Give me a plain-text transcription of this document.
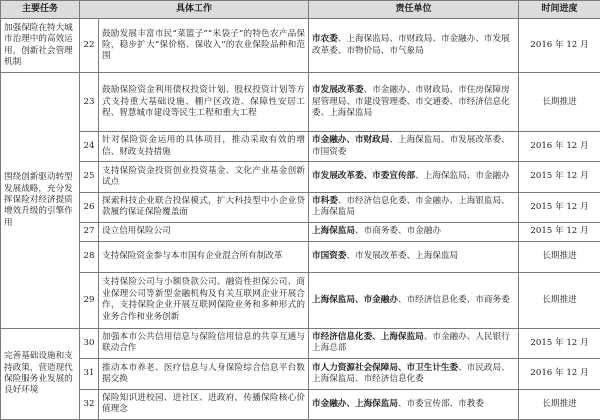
主要任务	具体工作		责任单位	时间进度
加强保险在特大城市治理中的高效运用，创新社会管理机制	22	鼓励发展丰富市民“菜篮子”“米袋子”的特色农产品保险，稳步扩大“保价格、保收入”的农业保险品种和范围	市农委、上海保监局、市财政局、市金融办、市发展改革委、市物价局、市气象局	2016 年 12 月
围绕创新驱动转型发展战略，充分发挥保险对经济提质增效升级的引擎作用	23	鼓励保险资金利用债权投资计划、股权投资计划等方式支持重大基础设施、棚户区改造、保障性安居工程、智慧城市建设等民生工程和重大工程	市发展改革委、市金融办、市财政局、市住房保障房屋管理局、市建设管理委、市交通委、市经济信息化委、上海保监局	长期推进
	24	针对保险资金运用的具体项目，推动采取有效的增信、财政支持措施	市金融办、市财政局、上海保监局、市发展改革委、市国资委	2016 年 12 月
	25	支持保险资金投资创业投资基金、文化产业基金创新试点	市发展改革委、市委宣传部、上海保监局、市金融办	2015 年 12 月
	26	探索科技企业联合投保模式，扩大科技型中小企业贷款履约保证保险覆盖面	市科委、市经济信息化委、市金融办、上海银监局、上海保监局	2015 年 12 月
	27	设立信用保险公司	上海保监局、市商务委、市金融办	2015 年 12 月
	28	支持保险资金参与本市国有企业混合所有制改革	市国资委、市发展改革委、上海保监局	长期推进
	29	支持保险公司与小额贷款公司、融资性担保公司、商业保理公司等新型金融机构及有关互联网企业开展合作，支持保险企业开展互联网保险业务和多种形式的业务合作和业务创新	上海保监局、市金融办、市经济信息化委、市商务委	长期推进
完善基础设施和支持政策，营造现代保险服务业发展的良好环境	30	加强本市公共信用信息与保险信用信息的共享互通与联动合作	市经济信息化委、上海保监局、市金融办、人民银行上海总部	2015 年 12 月
	31	推动本市养老、医疗信息与人身保险综合信息平台数据交换	市人力资源社会保障局、市卫生计生委、市民政局、上海保监局、市经济信息化委	2016 年 12 月
	32	保险知识进校园、进社区、进政府，传播保险核心价值理念	市金融办、上海保监局、市委宣传部、市教委	长期推进
